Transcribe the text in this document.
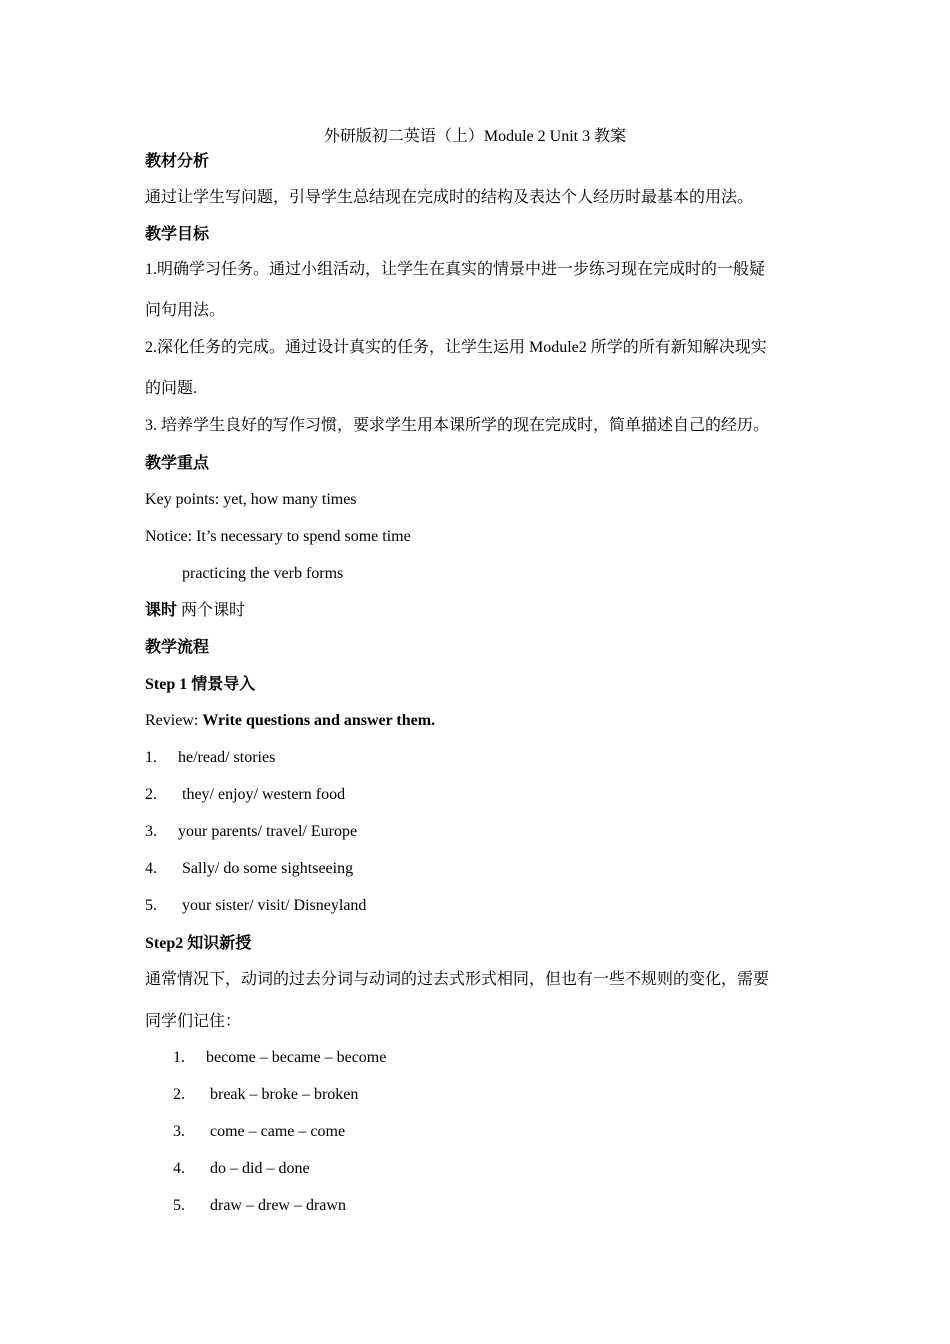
外研版初二英语（上）Module 2 Unit 3 教案
教材分析
通过让学生写问题，引导学生总结现在完成时的结构及表达个人经历时最基本的用法。
教学目标
1.明确学习任务。通过小组活动，让学生在真实的情景中进一步练习现在完成时的一般疑
问句用法。
2.深化任务的完成。通过设计真实的任务，让学生运用 Module2 所学的所有新知解决现实
的问题.
3. 培养学生良好的写作习惯，要求学生用本课所学的现在完成时，简单描述自己的经历。
教学重点
Key points: yet, how many times
Notice: It’s necessary to spend some time
practicing the verb forms
课时 两个课时
教学流程
Step 1 情景导入
Review: Write questions and answer them.
1. he/read/ stories
2. they/ enjoy/ western food
3. your parents/ travel/ Europe
4. Sally/ do some sightseeing
5. your sister/ visit/ Disneyland
Step2 知识新授
通常情况下，动词的过去分词与动词的过去式形式相同，但也有一些不规则的变化，需要
同学们记住：
1. become – became – become
2. break – broke – broken
3. come – came – come
4. do – did – done
5. draw – drew – drawn
